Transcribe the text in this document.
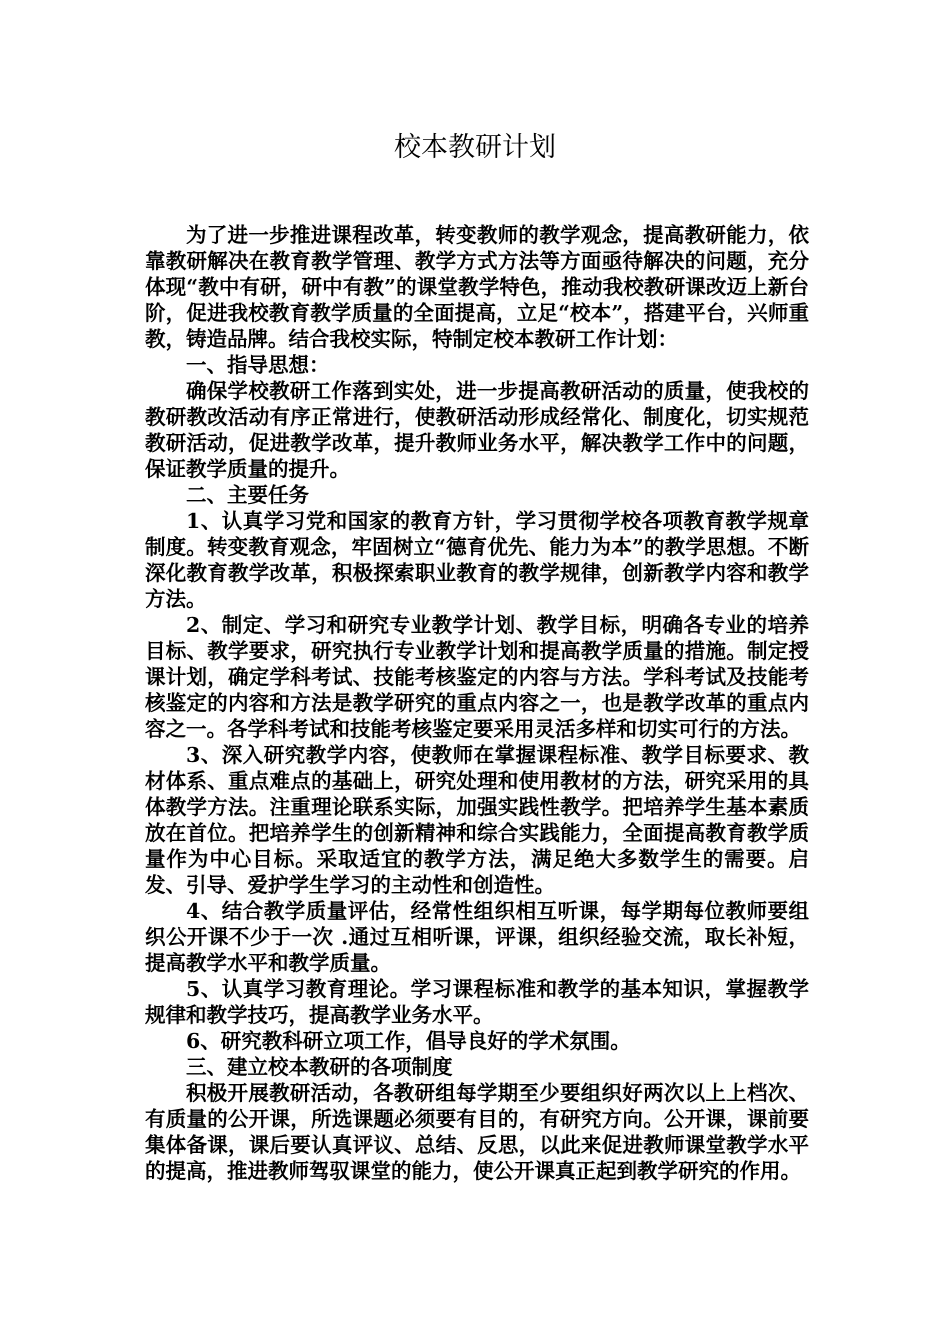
校本教研计划

为了进一步推进课程改革，转变教师的教学观念，提高教研能力，依靠教研解决在教育教学管理、教学方式方法等方面亟待解决的问题，充分体现“教中有研，研中有教”的课堂教学特色，推动我校教研课改迈上新台阶，促进我校教育教学质量的全面提高，立足“校本”，搭建平台，兴师重教，铸造品牌。结合我校实际，特制定校本教研工作计划：

一、指导思想：

确保学校教研工作落到实处，进一步提高教研活动的质量，使我校的教研教改活动有序正常进行，使教研活动形成经常化、制度化，切实规范教研活动，促进教学改革，提升教师业务水平，解决教学工作中的问题，保证教学质量的提升。

二、主要任务

1、认真学习党和国家的教育方针，学习贯彻学校各项教育教学规章制度。转变教育观念，牢固树立“德育优先、能力为本”的教学思想。不断深化教育教学改革，积极探索职业教育的教学规律，创新教学内容和教学方法。

2、制定、学习和研究专业教学计划、教学目标，明确各专业的培养目标、教学要求，研究执行专业教学计划和提高教学质量的措施。制定授课计划，确定学科考试、技能考核鉴定的内容与方法。学科考试及技能考核鉴定的内容和方法是教学研究的重点内容之一，也是教学改革的重点内容之一。各学科考试和技能考核鉴定要采用灵活多样和切实可行的方法。

3、深入研究教学内容，使教师在掌握课程标准、教学目标要求、教材体系、重点难点的基础上，研究处理和使用教材的方法，研究采用的具体教学方法。注重理论联系实际，加强实践性教学。把培养学生基本素质放在首位。把培养学生的创新精神和综合实践能力，全面提高教育教学质量作为中心目标。采取适宜的教学方法，满足绝大多数学生的需要。启发、引导、爱护学生学习的主动性和创造性。

4、结合教学质量评估，经常性组织相互听课，每学期每位教师要组织公开课不少于一次 .通过互相听课，评课，组织经验交流，取长补短，提高教学水平和教学质量。

5、认真学习教育理论。学习课程标准和教学的基本知识，掌握教学规律和教学技巧，提高教学业务水平。

6、研究教科研立项工作，倡导良好的学术氛围。

三、建立校本教研的各项制度

积极开展教研活动，各教研组每学期至少要组织好两次以上上档次、有质量的公开课，所选课题必须要有目的，有研究方向。公开课，课前要集体备课，课后要认真评议、总结、反思，以此来促进教师课堂教学水平的提高，推进教师驾驭课堂的能力，使公开课真正起到教学研究的作用。
